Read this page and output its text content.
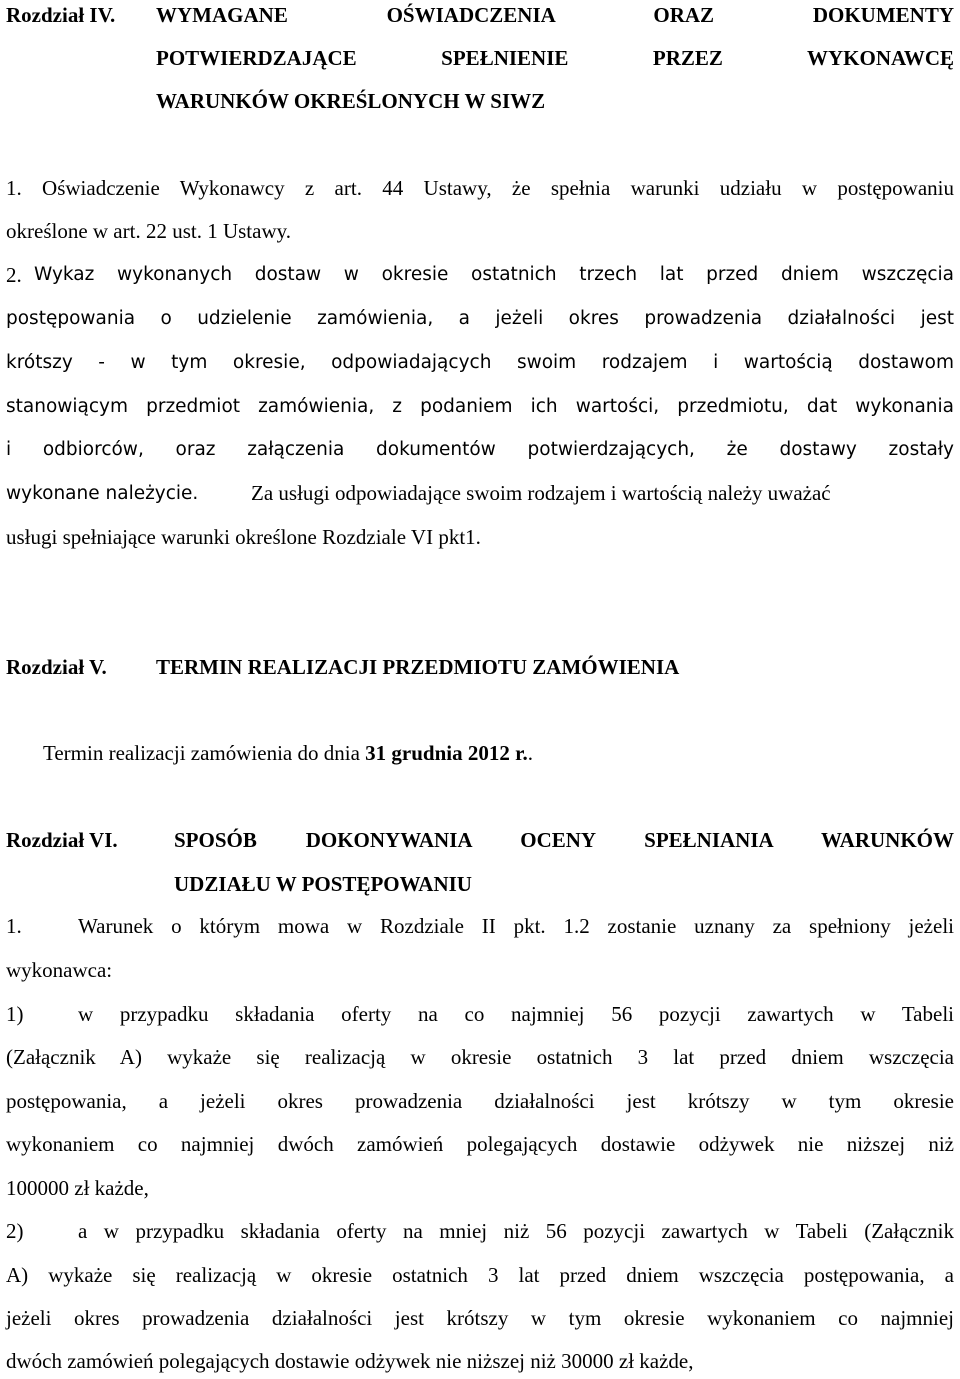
Rozdział IV. WYMAGANE OŚWIADCZENIA ORAZ DOKUMENTY
POTWIERDZAJĄCE SPEŁNIENIE PRZEZ WYKONAWCĘ
WARUNKÓW OKREŚLONYCH W SIWZ
1. Oświadczenie Wykonawcy z art. 44 Ustawy, że spełnia warunki udziału w postępowaniu
określone w art. 22 ust. 1 Ustawy.
2. Wykaz wykonanych dostaw w okresie ostatnich trzech lat przed dniem wszczęcia
postępowania o udzielenie zamówienia, a jeżeli okres prowadzenia działalności jest
krótszy - w tym okresie, odpowiadających swoim rodzajem i wartością dostawom
stanowiącym przedmiot zamówienia, z podaniem ich wartości, przedmiotu, dat wykonania
i odbiorców, oraz załączenia dokumentów potwierdzających, że dostawy zostały
wykonane należycie.	Za usługi odpowiadające swoim rodzajem i wartością należy uważać
usługi spełniające warunki określone Rozdziale VI pkt1.
Rozdział V. TERMIN REALIZACJI PRZEDMIOTU ZAMÓWIENIA
Termin realizacji zamówienia do dnia 31 grudnia 2012 r..
Rozdział VI.	SPOSÓB DOKONYWANIA OCENY SPEŁNIANIA WARUNKÓW
UDZIAŁU W POSTĘPOWANIU
1.	Warunek o którym mowa w Rozdziale II pkt. 1.2 zostanie uznany za spełniony jeżeli
wykonawca:
1)	w przypadku składania oferty na co najmniej 56 pozycji zawartych w Tabeli
(Załącznik A) wykaże się realizacją w okresie ostatnich 3 lat przed dniem wszczęcia
postępowania, a jeżeli okres prowadzenia działalności jest krótszy w tym okresie
wykonaniem co najmniej dwóch zamówień polegających dostawie odżywek nie niższej niż
100000 zł każde,
2)	a w przypadku składania oferty na mniej niż 56 pozycji zawartych w Tabeli (Załącznik
A) wykaże się realizacją w okresie ostatnich 3 lat przed dniem wszczęcia postępowania, a
jeżeli okres prowadzenia działalności jest krótszy w tym okresie wykonaniem co najmniej
dwóch zamówień polegających dostawie odżywek nie niższej niż 30000 zł każde,
